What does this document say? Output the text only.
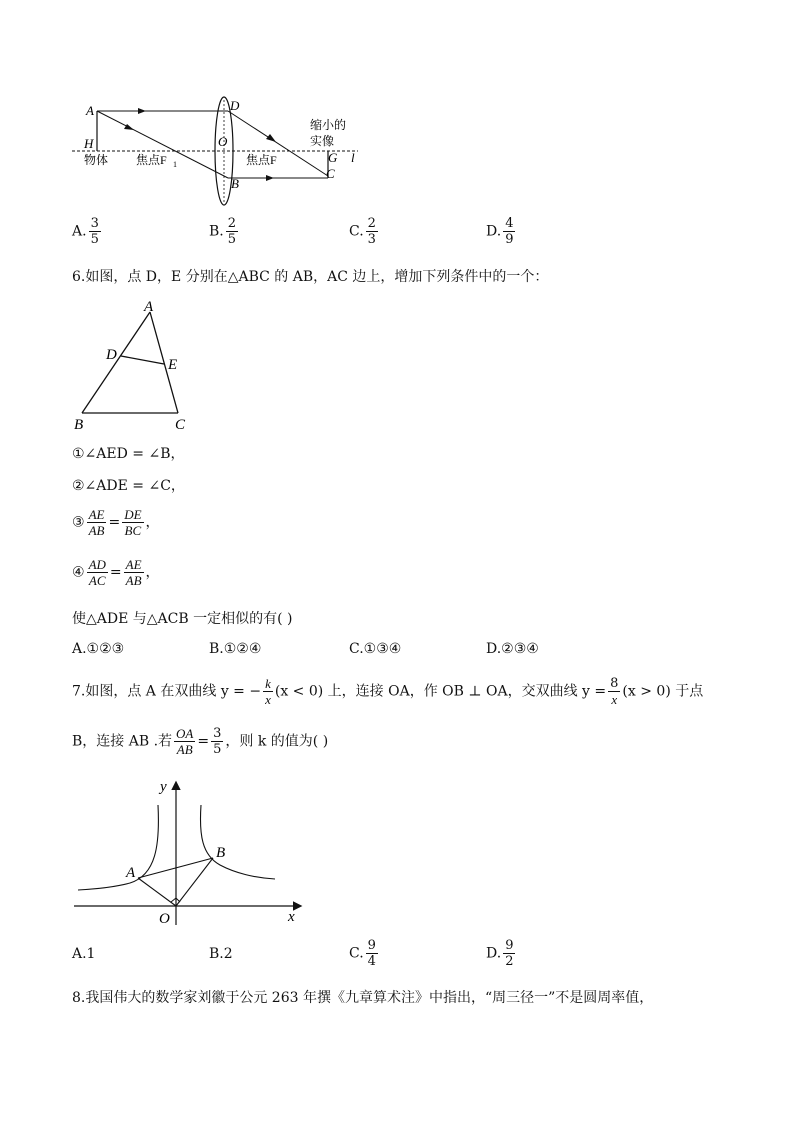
A
H
D
O
B
G
C
l
物体 焦点F 1	焦点F
缩小的
实像
A. $\frac{3}{5}$	B. $\frac{2}{5}$	C. $\frac{2}{3}$	D. $\frac{4}{9}$
6.如图，点 D，E 分别在△ABC 的 AB，AC 边上，增加下列条件中的一个：
A
B	C
D
E
①∠AED = ∠B，
②∠ADE = ∠C，
③ $\frac{AE}{AB} = \frac{DE}{BC}$ ，
④ $\frac{AD}{AC} = \frac{AE}{AB}$ ，
使△ADE 与△ACB 一定相似的有( )
A.①②③	B.①②④	C.①③④	D.②③④
7.如图，点 A 在双曲线 y = − $\frac{k}{x} (x < 0)$ 上，连接 OA，作 OB ⊥ OA，交双曲线 $y = \frac{8}{x} (x > 0)$ 于点
B，连接 AB .若 $\frac{OA}{AB} = \frac{3}{5}$ ，则 k 的值为( )
y
x
O
A
B
A.1	B.2	C. $\frac{9}{4}$	D. $\frac{9}{2}$
8.我国伟大的数学家刘徽于公元 263 年撰《九章算术注》中指出，“周三径一”不是圆周率值，
